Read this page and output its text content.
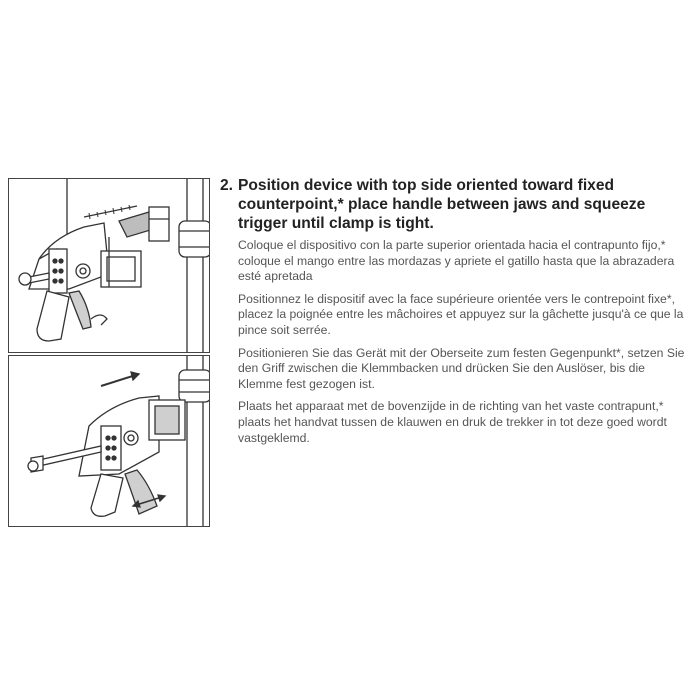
2. Position device with top side oriented toward fixed counterpoint,* place handle between jaws and squeeze trigger until clamp is tight.

Coloque el dispositivo con la parte superior orientada hacia el contrapunto fijo,* coloque el mango entre las mordazas y apriete el gatillo hasta que la abrazadera esté apretada

Positionnez le dispositif avec la face supérieure orientée vers le contrepoint fixe*, placez la poignée entre les mâchoires et appuyez sur la gâchette jusqu'à ce que la pince soit serrée.

Positionieren Sie das Gerät mit der Oberseite zum festen Gegenpunkt*, setzen Sie den Griff zwischen die Klemmbacken und drücken Sie den Auslöser, bis die Klemme fest gezogen ist.

Plaats het apparaat met de bovenzijde in de richting van het vaste contrapunt,* plaats het handvat tussen de klauwen en druk de trekker in tot deze goed wordt vastgeklemd.
